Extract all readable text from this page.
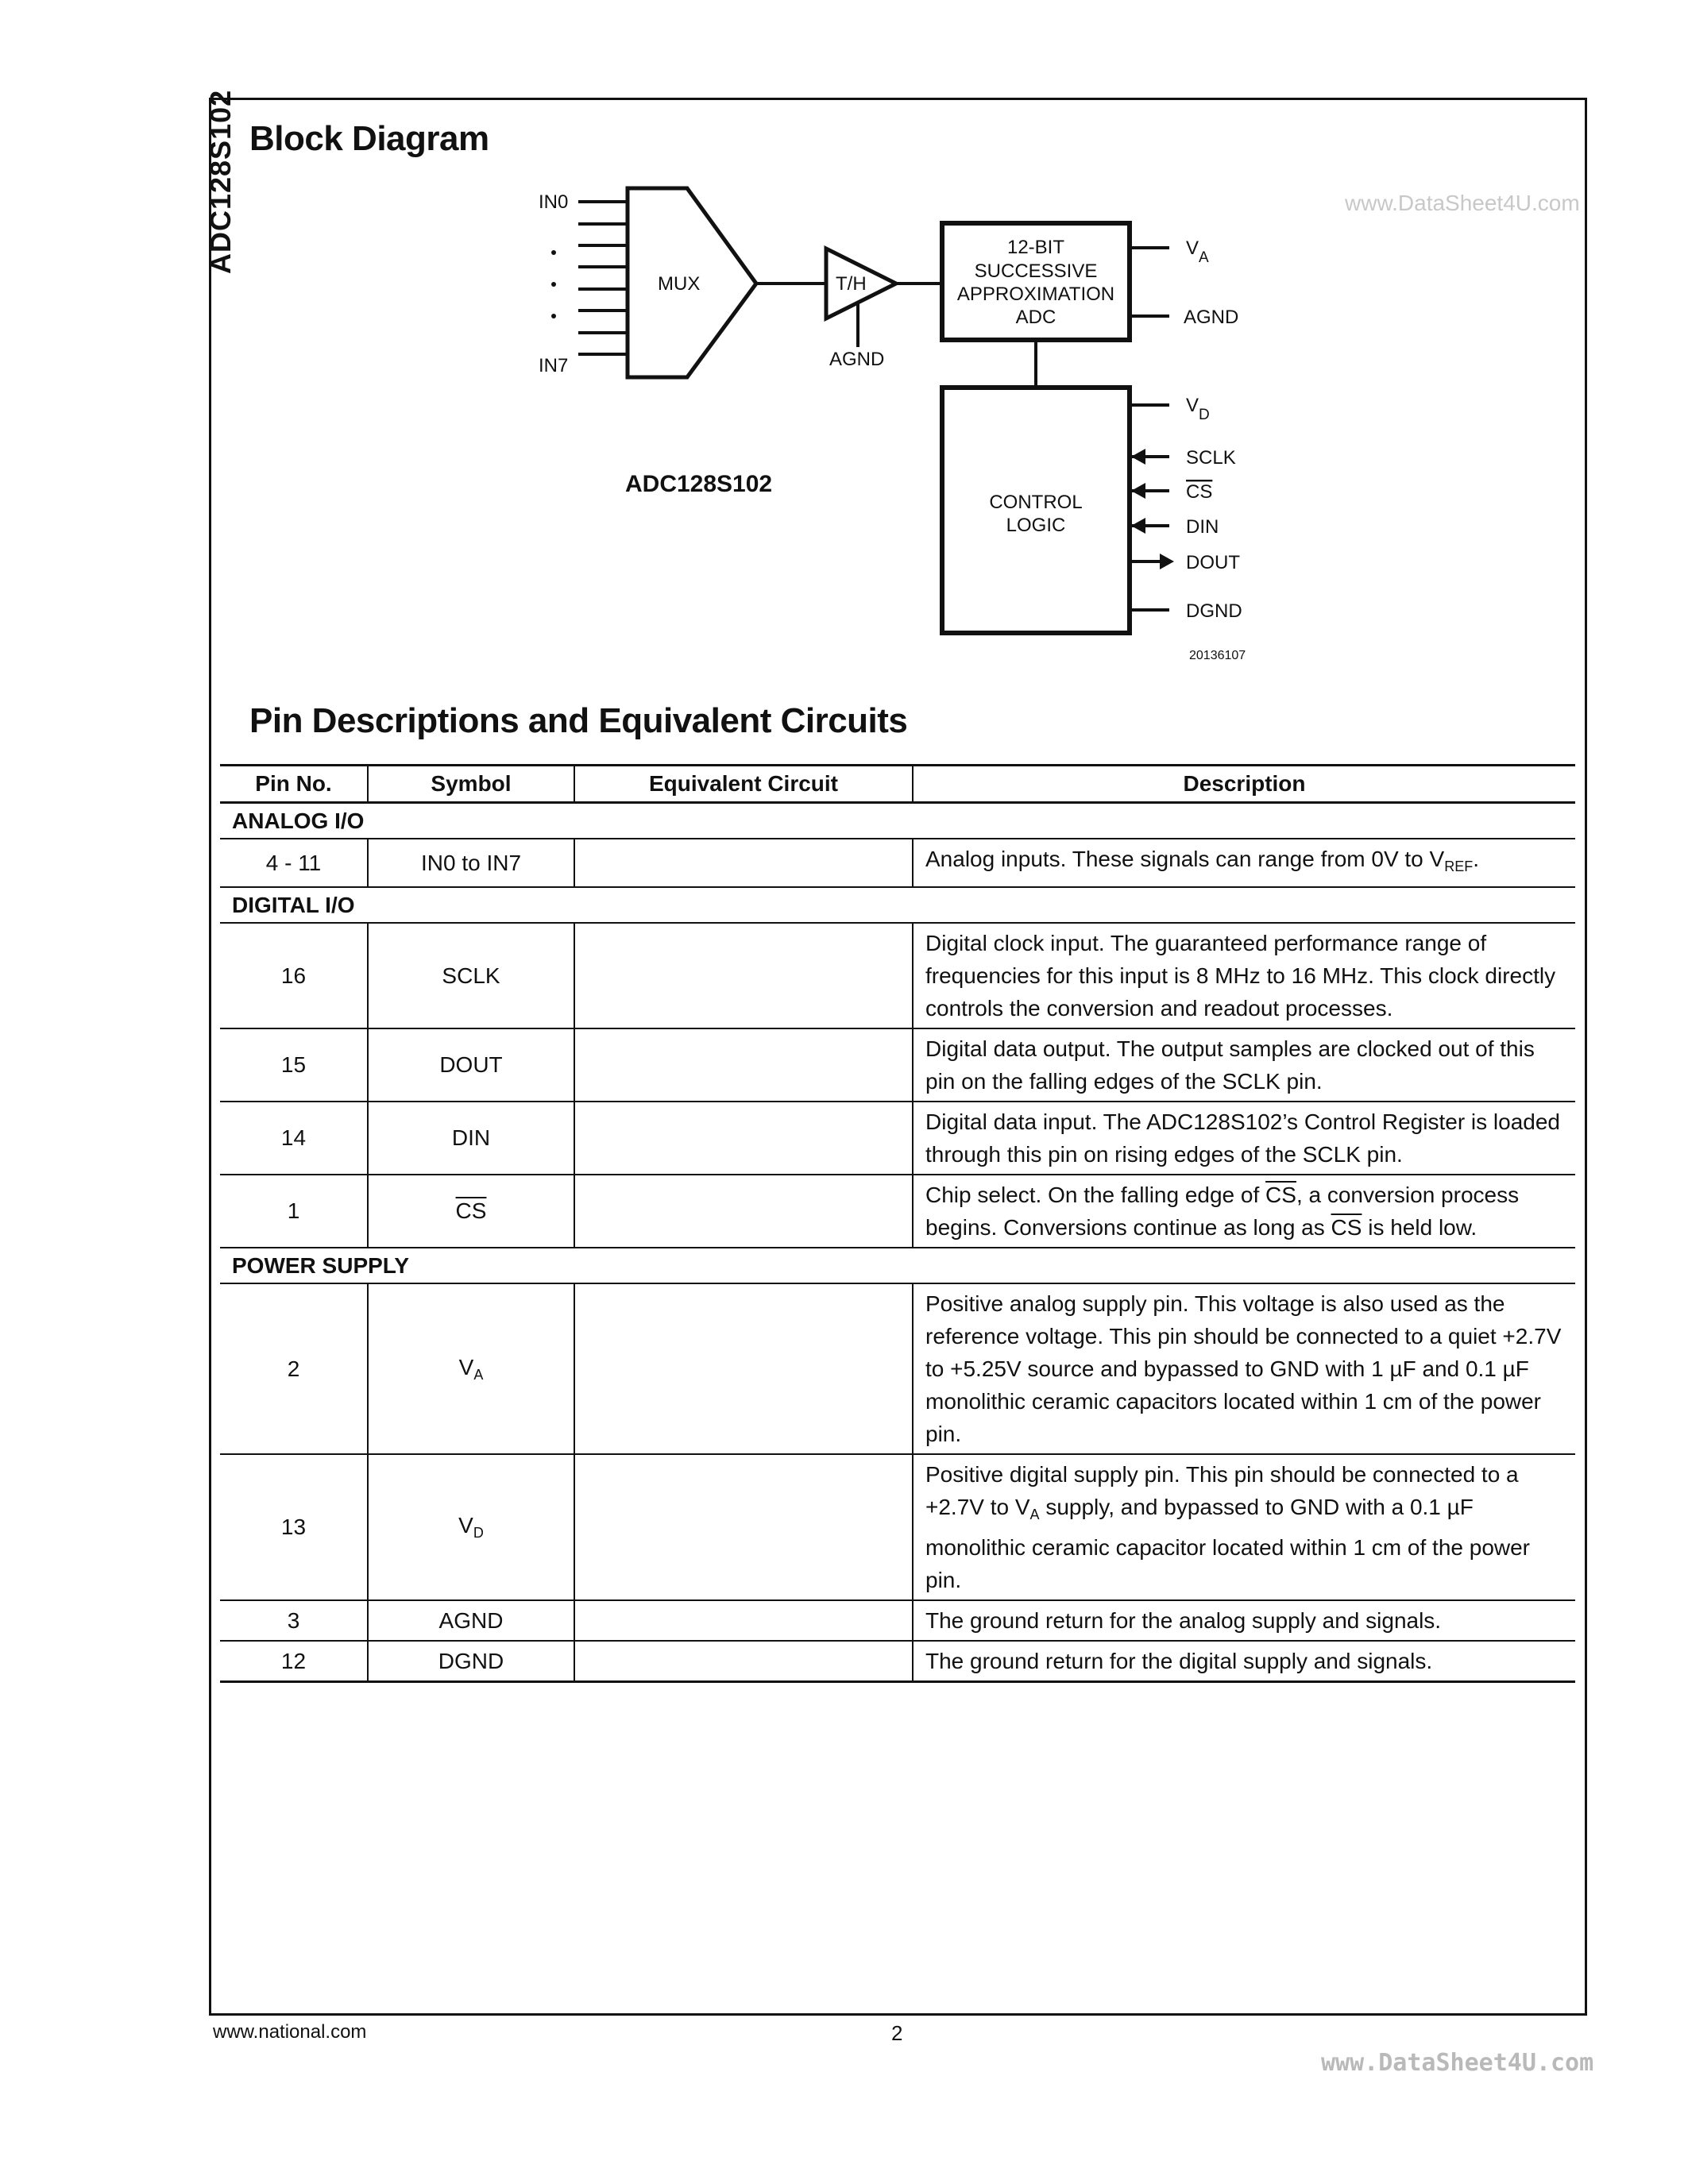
ADC128S102	www.DataSheet4U.com
Block Diagram
IN0
IN7
MUX	T/H
AGND
12-BIT
SUCCESSIVE
APPROXIMATION
ADC
CONTROL
LOGIC
$V_A$
AGND
$V_D$
SCLK
CS
DIN
DOUT
DGND
ADC128S102
20136107
Pin Descriptions and Equivalent Circuits
Pin No.	Symbol	Equivalent Circuit	Description
ANALOG I/O			
4 - 11	IN0 to IN7		Analog inputs. These signals can range from 0V to $V_{REF}$.
DIGITAL I/O			
16	SCLK		Digital clock input. The guaranteed performance range of frequencies for this input is 8 MHz to 16 MHz. This clock directly controls the conversion and readout processes.
15	DOUT		Digital data output. The output samples are clocked out of this pin on the falling edges of the SCLK pin.
14	DIN		Digital data input. The ADC128S102’s Control Register is loaded through this pin on rising edges of the SCLK pin.
1	$\overline{CS}$		Chip select. On the falling edge of $\overline{CS}$, a conversion process begins. Conversions continue as long as $\overline{CS}$ is held low.
POWER SUPPLY			
2	$V_A$		Positive analog supply pin. This voltage is also used as the reference voltage. This pin should be connected to a quiet +2.7V to +5.25V source and bypassed to GND with 1 µF and 0.1 µF monolithic ceramic capacitors located within 1 cm of the power pin.
13	$V_D$		Positive digital supply pin. This pin should be connected to a +2.7V to $V_A$ supply, and bypassed to GND with a 0.1 µF monolithic ceramic capacitor located within 1 cm of the power pin.
3	AGND		The ground return for the analog supply and signals.
12	DGND		The ground return for the digital supply and signals.
www.national.com	2
www.DataSheet4U.com
